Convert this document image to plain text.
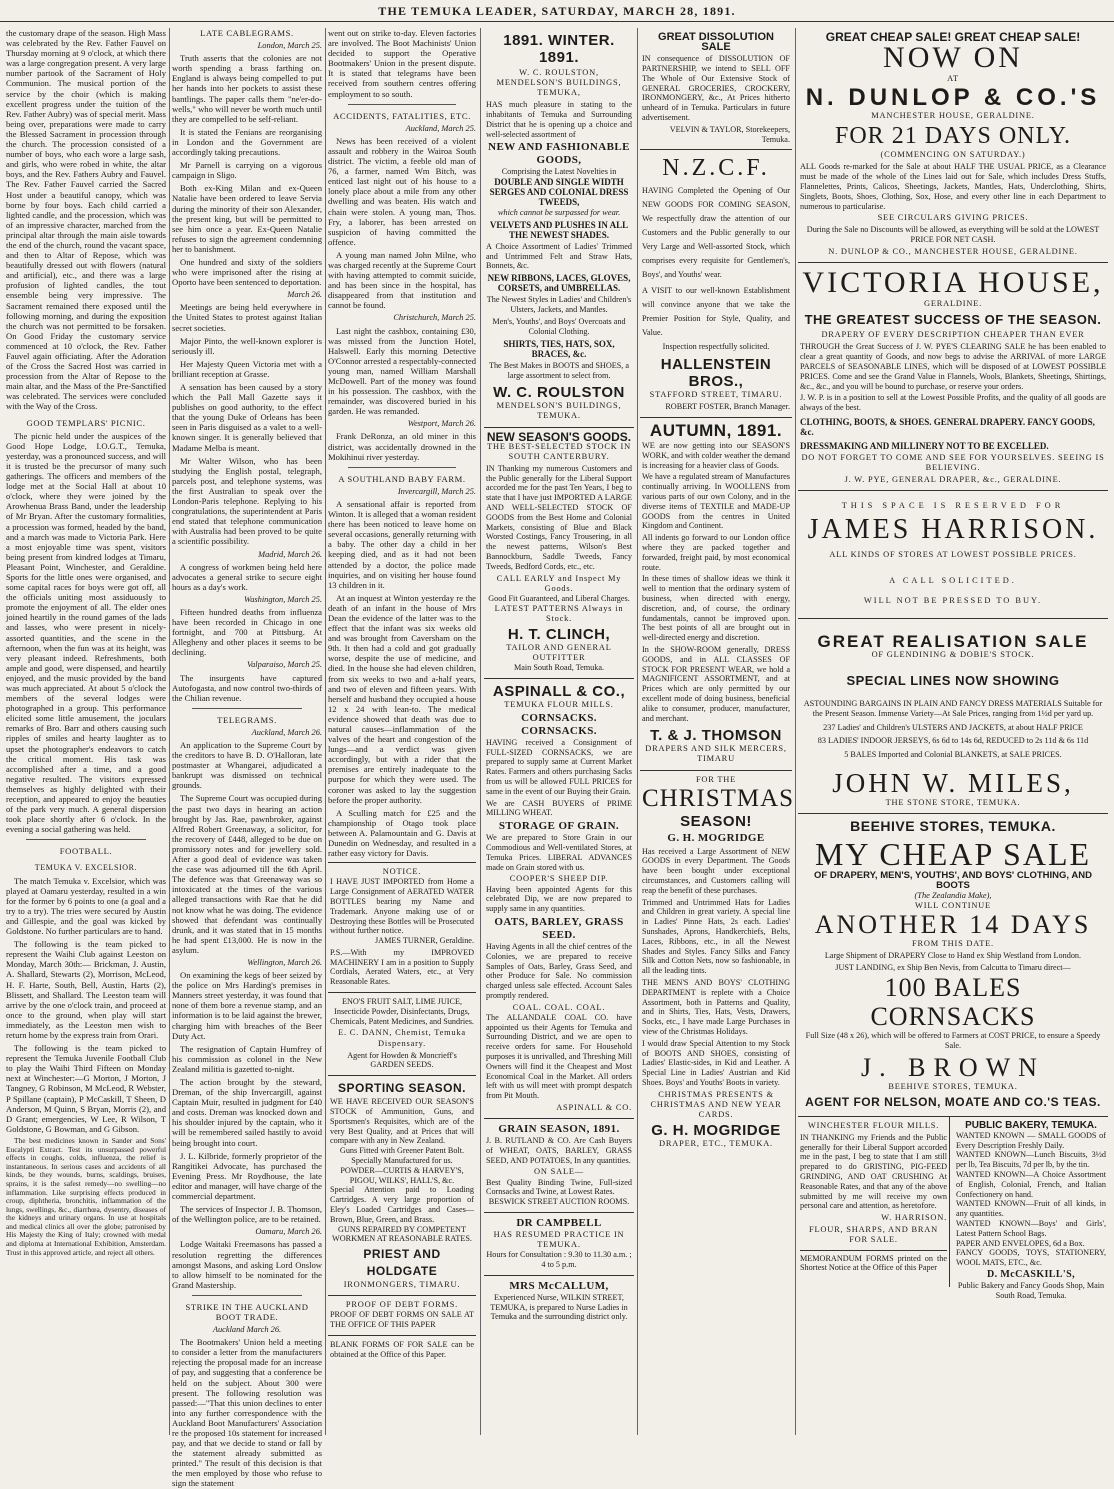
THE TEMUKA LEADER, SATURDAY, MARCH 28, 1891.

the customary drape of the season. High Mass was celebrated by the Rev. Father Fauvel on Thursday morning at 9 o'clock, at which there was a large congregation present. A very large number partook of the Sacrament of Holy Communion. The musical portion of the service by the choir (which is making excellent progress under the tuition of the Rev. Father Aubry) was of special merit. Mass being over, preparations were made to carry the Blessed Sacrament in procession through the church. The procession consisted of a number of boys, who each wore a large sash, and girls, who were robed in white, the altar boys, and the Rev. Fathers Aubry and Fauvel. The Rev. Father Fauvel carried the Sacred Host under a beautiful canopy, which was borne by four boys. Each child carried a lighted candle, and the procession, which was of an impressive character, marched from the principal altar through the main aisle towards the end of the church, round the vacant space, and then to Altar of Repose, which was beautifully dressed out with flowers (natural and artificial), etc., and there was a large profusion of lighted candles, the tout ensemble being very impressive. The Sacrament remained there exposed until the following morning, and during the exposition the church was not permitted to be forsaken. On Good Friday the customary service commenced at 10 o'clock, the Rev. Father Fauvel again officiating. After the Adoration of the Cross the Sacred Host was carried in procession from the Altar of Repose to the main altar, and the Mass of the Pre-Sanctified was celebrated. The services were concluded with the Way of the Cross.

GOOD TEMPLARS' PICNIC.

The picnic held under the auspices of the Good Hope Lodge, I.O.G.T., Temuka, yesterday, was a pronounced success, and will it is trusted be the precursor of many such gatherings. The officers and members of the lodge met at the Social Hall at about 10 o'clock, where they were joined by the Arowhenua Brass Band, under the leadership of Mr Bryan. After the customary formalities, a procession was formed, headed by the band, and a march was made to Victoria Park. Here a most enjoyable time was spent, visitors being present from kindred lodges at Timaru, Pleasant Point, Winchester, and Geraldine. Sports for the little ones were organised, and some capital races for boys were got off, all the officials uniting most assiduously to promote the enjoyment of all. The elder ones joined heartily in the round games of the lads and lasses, who were present in nicely-assorted quantities, and the scene in the afternoon, when the fun was at its height, was very pleasant indeed. Refreshments, both ample and good, were dispensed, and heartily enjoyed, and the music provided by the band was much appreciated. At about 5 o'clock the members of the several lodges were photographed in a group. This performance elicited some little amusement, the joculars remarks of Bro. Barr and others causing such ripples of smiles and hearty laughter as to upset the photographer's endeavors to catch the critical moment. His task was accomplished after a time, and a good negative resulted. The visitors expressed themselves as highly delighted with their reception, and appeared to enjoy the beauties of the park very much. A general dispersion took place shortly after 6 o'clock. In the evening a social gathering was held.

FOOTBALL.
TEMUKA V. EXCELSIOR.

The match Temuka v. Excelsior, which was played at Oamaru yesterday, resulted in a win for the former by 6 points to one (a goal and a try to a try). The tries were secured by Austin and Gillespie, and the goal was kicked by Goldstone. No further particulars are to hand.

The following is the team picked to represent the Waihi Club against Leeston on Monday, March 30th:— Brickman, J. Austin, A. Shallard, Stewarts (2), Morrison, McLeod, H. F. Harte, South, Bell, Austin, Harts (2), Blissett, and Shallard. The Leeston team will arrive by the one o'clock train, and proceed at once to the ground, when play will start immediately, as the Leeston men wish to return home by the express train from Orari.

The following is the team picked to represent the Temuka Juvenile Football Club to play the Waihi Third Fifteen on Monday next at Winchester:—G Morton, J Morton, J Tangney, G Robinson, M McLeod, R Webster, P Spillane (captain), P McCaskill, T Sheen, D Anderson, M Quinn, S Bryan, Morris (2), and D Grant; emergencies, W Lee, R Wilson, T Goldstone, G Bowman, and G Gibson.

The best medicines known in Sander and Sons' Eucalypti Extract. Test its unsurpassed powerful effects in coughs, colds, influenza, the relief is instantaneous. In serious cases and accidents of all kinds, be they wounds, burns, scaldings, bruises, sprains, it is the safest remedy—no swelling—no inflammation. Like surprising effects produced in croup, diphtheria, bronchitis, inflammation of the lungs, swellings, &c., diarrhœa, dysentry, diseases of the kidneys and urinary organs. In use at hospitals and medical clinics all over the globe; patronised by His Majesty the King of Italy; crowned with medal and diploma at International Exhibition, Amsterdam. Trust in this approved article, and reject all others.

LATE CABLEGRAMS.
London, March 25.

Truth asserts that the colonies are not worth spending a brass farthing on. England is always being compelled to put her hands into her pockets to assist these bantlings. The paper calls them "ne'er-do-wells," who will never be worth much until they are compelled to be self-reliant.

It is stated the Fenians are reorganising in London and the Government are accordingly taking precautions.

Mr Parnell is carrying on a vigorous campaign in Sligo.

Both ex-King Milan and ex-Queen Natalie have been ordered to leave Servia during the minority of their son Alexander, the present king, but will be permitted to see him once a year. Ex-Queen Natalie refuses to sign the agreement condemning her to banishment.

One hundred and sixty of the soldiers who were imprisoned after the rising at Oporto have been sentenced to deportation.

March 26.

Meetings are being held everywhere in the United States to protest against Italian secret societies.

Major Pinto, the well-known explorer is seriously ill.

Her Majesty Queen Victoria met with a brilliant reception at Grasse.

A sensation has been caused by a story which the Pall Mall Gazette says it publishes on good authority, to the effect that the young Duke of Orleans has been seen in Paris disguised as a valet to a well-known singer. It is generally believed that Madame Melba is meant.

Mr Walter Wilson, who has been studying the English postal, telegraph, parcels post, and telephone systems, was the first Australian to speak over the London-Paris telephone. Replying to his congratulations, the superintendent at Paris end stated that telephone communication with Australia had been proved to be quite a scientific possibility.

Madrid, March 26.

A congress of workmen being held here advocates a general strike to secure eight hours as a day's work.

Washington, March 25.

Fifteen hundred deaths from influenza have been recorded in Chicago in one fortnight, and 700 at Pittsburg. At Allegheny and other places it seems to be declining.

Valparaiso, March 25.

The insurgents have captured Autofogasta, and now control two-thirds of the Chilian revenue.

TELEGRAMS.
Auckland, March 26.

An application to the Supreme Court by the creditors to have B. D. O'Halloran, late postmaster at Whangarei, adjudicated a bankrupt was dismissed on technical grounds.

The Supreme Court was occupied during the past two days in hearing an action brought by Jas. Rae, pawnbroker, against Alfred Robert Greenaway, a solicitor, for the recovery of £448, alleged to be due on promissory notes and for jewellery sold. After a good deal of evidence was taken the case was adjourned till the 6th April. The defence was that Greenaway was so intoxicated at the times of the various alleged transactions with Rae that he did not know what he was doing. The evidence showed that defendant was continually drunk, and it was stated that in 15 months he had spent £13,000. He is now in the asylum.

Wellington, March 26.

On examining the kegs of beer seized by the police on Mrs Harding's premises in Manners street yesterday, it was found that none of them bore a revenue stamp, and an information is to be laid against the brewer, charging him with breaches of the Beer Duty Act.

The resignation of Captain Humfrey of his commission as colonel in the New Zealand militia is gazetted to-night.

The action brought by the steward, Dreman, of the ship Invercargill, against Captain Muir, resulted in judgment for £40 and costs. Dreman was knocked down and his shoulder injured by the captain, who it will be remembered sailed hastily to avoid being brought into court.

J. L. Kilbride, formerly proprietor of the Rangitikei Advocate, has purchased the Evening Press. Mr Roydhouse, the late editor and manager, will have charge of the commercial department.

The services of Inspector J. B. Thomson, of the Wellington police, are to be retained.

Oamaru, March 26.

Lodge Waitaki Freemasons has passed a resolution regretting the differences amongst Masons, and asking Lord Onslow to allow himself to be nominated for the Grand Mastership.

STRIKE IN THE AUCKLAND BOOT TRADE.
Auckland March 26.

The Bootmakers' Union held a meeting to consider a letter from the manufacturers rejecting the proposal made for an increase of pay, and suggesting that a conference be held on the subject. About 300 were present. The following resolution was passed:—"That this union declines to enter into any further correspondence with the Auckland Boot Manufacturers' Association re the proposed 10s statement for increased pay, and that we decide to stand or fall by the statement already submitted as printed." The result of this decision is that the men employed by those who refuse to sign the statement

went out on strike to-day. Eleven factories are involved. The Boot Machinists' Union decided to support the Operative Bootmakers' Union in the present dispute. It is stated that telegrams have been received from southern centres offering employment to so south.

ACCIDENTS, FATALITIES, ETC.
Auckland, March 25.

News has been received of a violent assault and robbery in the Wairoa South district. The victim, a feeble old man of 76, a farmer, named Wm Bitch, was enticed last night out of his house to a lonely place about a mile from any other dwelling and was beaten. His watch and chain were stolen. A young man, Thos. Fry, a laborer, has been arrested on suspicion of having committed the offence.

A young man named John Milne, who was charged recently at the Supreme Court with having attempted to commit suicide, and has been since in the hospital, has disappeared from that institution and cannot be found.

Christchurch, March 25.

Last night the cashbox, containing £30, was missed from the Junction Hotel, Halswell. Early this morning Detective O'Connor arrested a respectably-connected young man, named William Marshall McDowell. Part of the money was found in his possession. The cashbox, with the remainder, was discovered buried in his garden. He was remanded.

Westport, March 26.

Frank DeRonza, an old miner in this district, was accidentally drowned in the Mokihinui river yesterday.

A SOUTHLAND BABY FARM.
Invercargill, March 25.

A sensational affair is reported from Winton. It is alleged that a woman resident there has been noticed to leave home on several occasions, generally returning with a baby. The other day a child in her keeping died, and as it had not been attended by a doctor, the police made inquiries, and on visiting her house found 13 children in it.

At an inquest at Winton yesterday re the death of an infant in the house of Mrs Dean the evidence of the latter was to the effect that the infant was six weeks old and was brought from Caversham on the 9th. It then had a cold and got gradually worse, despite the use of medicine, and died. In the house she had eleven children, from six weeks to two and a-half years, and two of eleven and fifteen years. With herself and husband they occupied a house 12 x 24 with lean-to. The medical evidence showed that death was due to natural causes—inflammation of the valves of the heart and congestion of the lungs—and a verdict was given accordingly, but with a rider that the premises are entirely inadequate to the purpose for which they were used. The coroner was asked to lay the suggestion before the proper authority.

A Sculling match for £25 and the championship of Otago took place between A. Palamountain and G. Davis at Dunedin on Wednesday, and resulted in a rather easy victory for Davis.

NOTICE.
I HAVE JUST IMPORTED from Home a Large Consignment of AERATED WATER BOTTLES bearing my Name and Trademark. Anyone making use of or Destroying these Bottles will be Prosecuted without further notice.
JAMES TURNER, Geraldine.
P.S.—With my IMPROVED MACHINERY I am in a position to Supply Cordials, Aerated Waters, etc., at Very Reasonable Rates.
ENO'S FRUIT SALT, LIME JUICE, Insecticide Powder, Disinfectants, Drugs, Chemicals, Patent Medicines, and Sundries.
E. C. DANN, Chemist, Temuka Dispensary.
Agent for Howden & Moncrieff's GARDEN SEEDS.
SPORTING SEASON.
WE HAVE RECEIVED OUR SEASON'S STOCK of Ammunition, Guns, and Sportsmen's Requisites, which are of the very Best Quality, and at Prices that will compare with any in New Zealand.
Guns Fitted with Greener Patent Bolt. Specially Manufactured for us.
POWDER—CURTIS & HARVEY'S, PIGOU, WILKS', HALL'S, &c.
Special Attention paid to Loading Cartridges. A very large proportion of Eley's Loaded Cartridges and Cases—Brown, Blue, Green, and Brass.
GUNS REPAIRED BY COMPETENT WORKMEN AT REASONABLE RATES.
PRIEST AND HOLDGATE
IRONMONGERS, TIMARU.
PROOF OF DEBT FORMS.
PROOF OF DEBT FORMS ON SALE AT THE OFFICE OF THIS PAPER
BLANK FORMS OF FOR SALE can be obtained at the Office of this Paper.
1891. WINTER. 1891.
W. C. ROULSTON,
MENDELSON'S BUILDINGS, TEMUKA,
HAS much pleasure in stating to the inhabitants of Temuka and Surrounding District that he is opening up a choice and well-selected assortment of
NEW AND FASHIONABLE GOODS,
Comprising the Latest Novelties in
DOUBLE AND SINGLE WIDTH SERGES AND COLONIAL DRESS TWEEDS,
which cannot be surpassed for wear.
VELVETS AND PLUSHES IN ALL THE NEWEST SHADES.
A Choice Assortment of Ladies' Trimmed and Untrimmed Felt and Straw Hats, Bonnets, &c.
NEW RIBBONS, LACES, GLOVES, CORSETS, and UMBRELLAS.
The Newest Styles in Ladies' and Children's Ulsters, Jackets, and Mantles.
Men's, Youths', and Boys' Overcoats and Colonial Clothing.
SHIRTS, TIES, HATS, SOX, BRACES, &c.
The Best Makes in BOOTS and SHOES, a large assortment to select from.
W. C. ROULSTON
MENDELSON'S BUILDINGS, TEMUKA.
NEW SEASON'S GOODS.
THE BEST-SELECTED STOCK IN SOUTH CANTERBURY.
IN Thanking my numerous Customers and the Public generally for the Liberal Support accorded me for the past Ten Years, I beg to state that I have just IMPORTED A LARGE AND WELL-SELECTED STOCK OF GOODS from the Best Home and Colonial Markets, consisting of Blue and Black Worsted Costings, Fancy Trousering, in all the newest patterns, Wilson's Best Bannockburn, Saddle Tweeds, Fancy Tweeds, Bedford Cords, etc., etc.
CALL EARLY and Inspect My Goods.
Good Fit Guaranteed, and Liberal Charges.
LATEST PATTERNS Always in Stock.
H. T. CLINCH,
TAILOR AND GENERAL OUTFITTER
Main South Road, Temuka.
ASPINALL & CO.,
TEMUKA FLOUR MILLS.
CORNSACKS. CORNSACKS.
HAVING received a Consignment of FULL-SIZED CORNSACKS, we are prepared to supply same at Current Market Rates. Farmers and others purchasing Sacks from us will be allowed FULL PRICES for same in the event of our Buying their Grain.
We are CASH BUYERS of PRIME MILLING WHEAT.
STORAGE OF GRAIN.
We are prepared to Store Grain in our Commodious and Well-ventilated Stores, at Temuka Prices. LIBERAL ADVANCES made on Grain stored with us.
COOPER'S SHEEP DIP.
Having been appointed Agents for this celebrated Dip, we are now prepared to supply same in any quantities.
OATS, BARLEY, GRASS SEED.
Having Agents in all the chief centres of the Colonies, we are prepared to receive Samples of Oats, Barley, Grass Seed, and other Produce for Sale. No commission charged unless sale effected. Account Sales promptly rendered.
COAL. COAL. COAL.
The ALLANDALE COAL CO. have appointed us their Agents for Temuka and Surrounding District, and we are open to receive orders for same. For Household purposes it is unrivalled, and Threshing Mill Owners will find it the Cheapest and Most Economical Coal in the Market. All orders left with us will meet with prompt despatch from Pit Mouth.
ASPINALL & CO.
GRAIN SEASON, 1891.
J. B. RUTLAND & CO. Are Cash Buyers of WHEAT, OATS, BARLEY, GRASS SEED, AND POTATOES, In any quantities.
ON SALE—
Best Quality Binding Twine, Full-sized Cornsacks and Twine, at Lowest Rates.
BESWICK STREET AUCTION ROOMS.
DR CAMPBELL
HAS RESUMED PRACTICE IN TEMUKA.
Hours for Consultation : 9.30 to 11.30 a.m. ; 4 to 5 p.m.
MRS McCALLUM,
Experienced Nurse, WILKIN STREET, TEMUKA, is prepared to Nurse Ladies in Temuka and the surrounding district only.
GREAT DISSOLUTION SALE
IN consequence of DISSOLUTION OF PARTNERSHIP, we intend to SELL OFF The Whole of Our Extensive Stock of GENERAL GROCERIES, CROCKERY, IRONMONGERY, &c., At Prices hitherto unheard of in Temuka. Particulars in future advertisement.
VELVIN & TAYLOR, Storekeepers, Temuka.
N.Z.C.F.
HAVING Completed the Opening of Our NEW GOODS FOR COMING SEASON, We respectfully draw the attention of our Customers and the Public generally to our Very Large and Well-assorted Stock, which comprises every requisite for Gentlemen's, Boys', and Youths' wear.
A VISIT to our well-known Establishment will convince anyone that we take the Premier Position for Style, Quality, and Value.
Inspection respectfully solicited.
HALLENSTEIN BROS.,
STAFFORD STREET, TIMARU.
ROBERT FOSTER, Branch Manager.
AUTUMN, 1891.
WE are now getting into our SEASON'S WORK, and with colder weather the demand is increasing for a heavier class of Goods.
We have a regulated stream of Manufactures continually arriving. In WOOLLENS from various parts of our own Colony, and in the diverse items of TEXTILE and MADE-UP GOODS from the centres in United Kingdom and Continent.
All indents go forward to our London office where they are packed together and forwarded, freight paid, by most economical route.
In these times of shallow ideas we think it well to mention that the ordinary system of business, when directed with energy, discretion, and, of course, the ordinary fundamentals, cannot be improved upon. The best points of all are brought out in well-directed energy and discretion.
In the SHOW-ROOM generally, DRESS GOODS, and in ALL CLASSES OF STOCK FOR PRESENT WEAR, we hold a MAGNIFICENT ASSORTMENT, and at Prices which are only permitted by our excellent mode of doing business, beneficial alike to consumer, producer, manufacturer, and merchant.
T. & J. THOMSON
DRAPERS AND SILK MERCERS,
TIMARU
FOR THE
CHRISTMAS
SEASON!
G. H. MOGRIDGE
Has received a Large Assortment of NEW GOODS in every Department. The Goods have been bought under exceptional circumstances, and Customers calling will reap the benefit of these purchases.
Trimmed and Untrimmed Hats for Ladies and Children in great variety. A special line in Ladies' Pinne Hats, 2s each. Ladies' Sunshades, Aprons, Handkerchiefs, Belts, Laces, Ribbons, etc., in all the Newest Shades and Styles. Fancy Silks and Fancy Silk and Cotton Nets, now so fashionable, in all the leading tints.
THE MEN'S AND BOYS' CLOTHING DEPARTMENT is replete with a Choice Assortment, both in Patterns and Quality, and in Shirts, Ties, Hats, Vests, Drawers, Socks, etc., I have made Large Purchases in view of the Christmas Holidays.
I would draw Special Attention to my Stock of BOOTS AND SHOES, consisting of Ladies' Elastic-sides, in Kid and Leather. A Special Line in Ladies' Austrian and Kid Shoes. Boys' and Youths' Boots in variety.
CHRISTMAS PRESENTS & CHRISTMAS AND NEW YEAR CARDS.
G. H. MOGRIDGE
DRAPER, ETC., TEMUKA.
GREAT CHEAP SALE! GREAT CHEAP SALE!
NOW ON
AT
N. DUNLOP & CO.'S
MANCHESTER HOUSE, GERALDINE.
FOR 21 DAYS ONLY.
(COMMENCING ON SATURDAY.)
ALL Goods re-marked for the Sale at about HALF THE USUAL PRICE, as a Clearance must be made of the whole of the Lines laid out for Sale, which includes Dress Stuffs, Flannelettes, Prints, Calicos, Sheetings, Jackets, Mantles, Hats, Underclothing, Shirts, Singlets, Boots, Shoes, Clothing, Sox, Hose, and every other line in each Department to numerous to particularise.
SEE CIRCULARS GIVING PRICES.
During the Sale no Discounts will be allowed, as everything will be sold at the LOWEST PRICE FOR NET CASH.
N. DUNLOP & CO., MANCHESTER HOUSE, GERALDINE.
VICTORIA HOUSE,
GERALDINE.
THE GREATEST SUCCESS OF THE SEASON.
DRAPERY OF EVERY DESCRIPTION CHEAPER THAN EVER
THROUGH the Great Success of J. W. PYE'S CLEARING SALE he has been enabled to clear a great quantity of Goods, and now begs to advise the ARRIVAL of more LARGE PARCELS of SEASONABLE LINES, which will be disposed of at LOWEST POSSIBLE PRICES. Come and see the Grand Value in Flannels, Wools, Blankets, Sheetings, Shirtings, &c., &c., and you will be bound to purchase, or reserve your orders.
J. W. P. is in a position to sell at the Lowest Possible Profits, and the quality of all goods are always of the best.
CLOTHING, BOOTS, & SHOES. GENERAL DRAPERY. FANCY GOODS, &c.
DRESSMAKING AND MILLINERY NOT TO BE EXCELLED.
DO NOT FORGET TO COME AND SEE FOR YOURSELVES. SEEING IS BELIEVING.
J. W. PYE, GENERAL DRAPER, &c., GERALDINE.
THIS SPACE IS RESERVED FOR
JAMES HARRISON.
ALL KINDS OF STORES AT LOWEST POSSIBLE PRICES.
A CALL SOLICITED.
WILL NOT BE PRESSED TO BUY.
GREAT REALISATION SALE
OF GLENDINING & DOBIE'S STOCK.
SPECIAL LINES NOW SHOWING
ASTOUNDING BARGAINS IN PLAIN AND FANCY DRESS MATERIALS Suitable for the Present Season. Immense Variety—At Sale Prices, ranging from 1½d per yard up.
237 Ladies' and Children's ULSTERS AND JACKETS, at about HALF PRICE
83 LADIES' INDOOR JERSEYS, 6s 6d to 14s 6d, REDUCED to 2s 11d & 6s 11d
5 BALES Imported and Colonial BLANKETS, at SALE PRICES.
JOHN W. MILES,
THE STONE STORE, TEMUKA.
BEEHIVE STORES, TEMUKA.
MY CHEAP SALE
OF DRAPERY, MEN'S, YOUTHS', AND BOYS' CLOTHING, AND BOOTS
(The Zealandia Make),
WILL CONTINUE
ANOTHER 14 DAYS
FROM THIS DATE.
Large Shipment of DRAPERY Close to Hand ex Ship Westland from London.
JUST LANDING, ex Ship Ben Nevis, from Calcutta to Timaru direct—
100 BALES CORNSACKS
Full Size (48 x 26), which will be offered to Farmers at COST PRICE, to ensure a Speedy Sale.
J. BROWN
BEEHIVE STORES, TEMUKA.
AGENT FOR NELSON, MOATE AND CO.'S TEAS.
WINCHESTER FLOUR MILLS.
IN THANKING my Friends and the Public generally for their Liberal Support accorded me in the past, I beg to state that I am still prepared to do GRISTING, PIG-FEED GRINDING, AND OAT CRUSHING At Reasonable Rates, and that any of the above submitted by me will receive my own personal care and attention, as heretofore.
W. HARRISON.
FLOUR, SHARPS, AND BRAN FOR SALE.
MEMORANDUM FORMS printed on the Shortest Notice at the Office of this Paper
PUBLIC BAKERY, TEMUKA.
WANTED KNOWN — SMALL GOODS of Every Description Freshly Daily.
WANTED KNOWN—Lunch Biscuits, 3½d per lb, Tea Biscuits, 7d per lb, by the tin.
WANTED KNOWN—A Choice Assortment of English, Colonial, French, and Italian Confectionery on hand.
WANTED KNOWN—Fruit of all kinds, in any quantities.
WANTED KNOWN—Boys' and Girls', Latest Pattern School Bags.
PAPER AND ENVELOPES, 6d a Box.
FANCY GOODS, TOYS, STATIONERY, WOOL MATS, ETC., &c.
D. McCASKILL'S,
Public Bakery and Fancy Goods Shop, Main South Road, Temuka.
